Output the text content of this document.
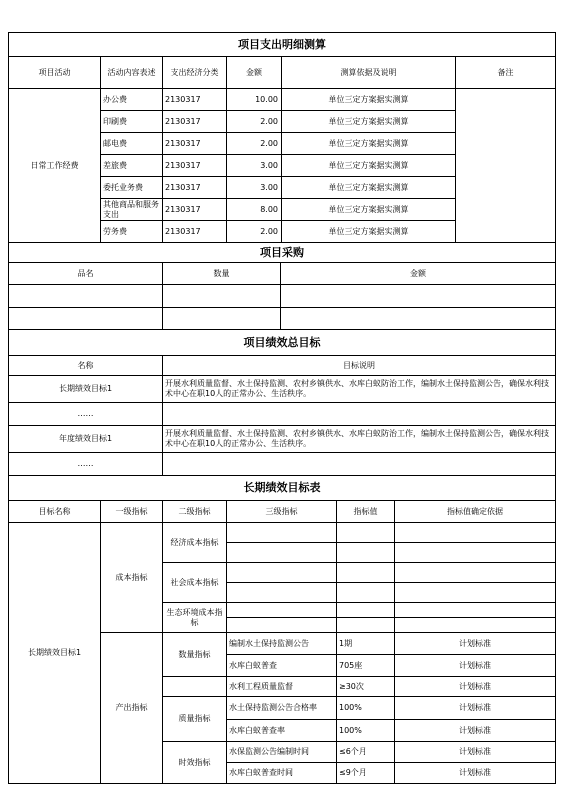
项目支出明细测算					
项目活动	活动内容表述	支出经济分类	金额	测算依据及说明	备注
日常工作经费	办公费	2130317	10.00	单位三定方案据实测算	
	印刷费	2130317	2.00	单位三定方案据实测算	
	邮电费	2130317	2.00	单位三定方案据实测算	
	差旅费	2130317	3.00	单位三定方案据实测算	
	委托业务费	2130317	3.00	单位三定方案据实测算	
	其他商品和服务支出	2130317	8.00	单位三定方案据实测算	
	劳务费	2130317	2.00	单位三定方案据实测算	
项目采购		
品名	数量	金额

项目绩效总目标	
名称	目标说明
长期绩效目标1	开展水利质量监督、水土保持监测、农村乡镇供水、水库白蚁防治工作，编制水土保持监测公告，确保水利技术中心在职10人的正常办公、生活秩序。
……	
年度绩效目标1	开展水利质量监督、水土保持监测、农村乡镇供水、水库白蚁防治工作，编制水土保持监测公告，确保水利技术中心在职10人的正常办公、生活秩序。
……	
长期绩效目标表					
目标名称	一级指标	二级指标	三级指标	指标值	指标值确定依据
长期绩效目标1	成本指标	经济成本指标			

		社会成本指标			

		生态环境成本指标			

	产出指标	数量指标	编制水土保持监测公告	1期	计划标准
			水库白蚁普查	705座	计划标准
			水利工程质量监督	≥30次	计划标准
		质量指标	水土保持监测公告合格率	100%	计划标准
			水库白蚁普查率	100%	计划标准
		时效指标	水保监测公告编制时间	≤6个月	计划标准
			水库白蚁普查时间	≤9个月	计划标准
